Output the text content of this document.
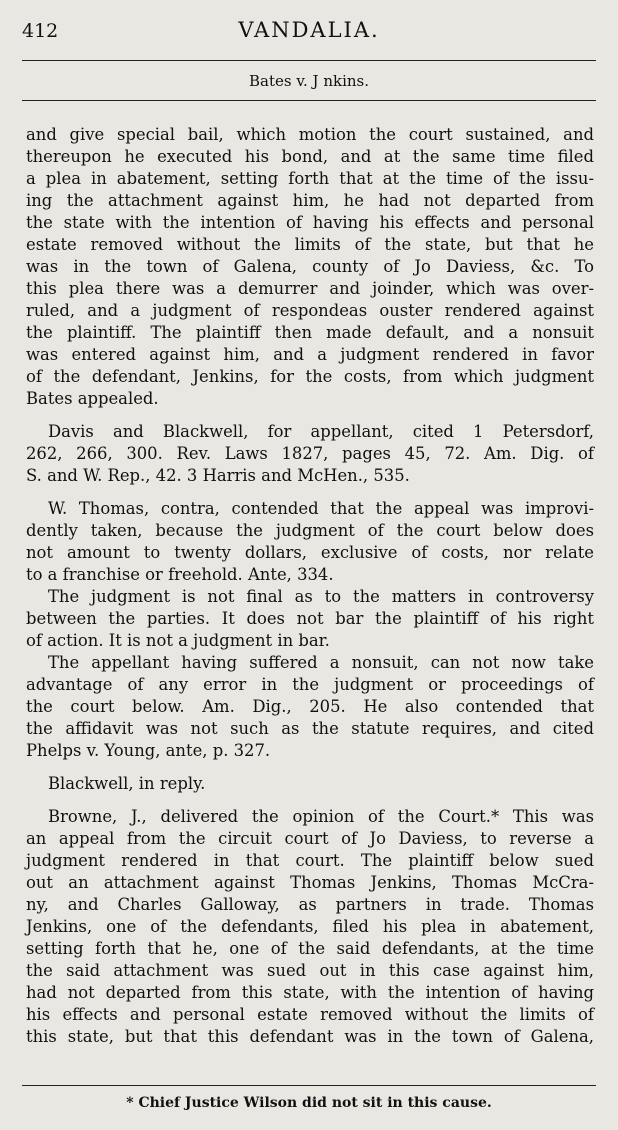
412	VANDALIA.
Bates v. J nkins.
and give special bail, which motion the court sustained, and
thereupon he executed his bond, and at the same time filed
a plea in abatement, setting forth that at the time of the issu-
ing the attachment against him, he had not departed from
the state with the intention of having his effects and personal
estate removed without the limits of the state, but that he
was in the town of Galena, county of Jo Daviess, &c. To
this plea there was a demurrer and joinder, which was over-
ruled, and a judgment of respondeas ouster rendered against
the plaintiff. The plaintiff then made default, and a nonsuit
was entered against him, and a judgment rendered in favor
of the defendant, Jenkins, for the costs, from which judgment
Bates appealed.
Davis and Blackwell, for appellant, cited 1 Petersdorf,
262, 266, 300. Rev. Laws 1827, pages 45, 72. Am. Dig. of
S. and W. Rep., 42. 3 Harris and McHen., 535.
W. Thomas, contra, contended that the appeal was improvi-
dently taken, because the judgment of the court below does
not amount to twenty dollars, exclusive of costs, nor relate
to a franchise or freehold. Ante, 334.
The judgment is not final as to the matters in controversy
between the parties. It does not bar the plaintiff of his right
of action. It is not a judgment in bar.
The appellant having suffered a nonsuit, can not now take
advantage of any error in the judgment or proceedings of
the court below. Am. Dig., 205. He also contended that
the affidavit was not such as the statute requires, and cited
Phelps v. Young, ante, p. 327.
Blackwell, in reply.
Browne, J., delivered the opinion of the Court.* This was
an appeal from the circuit court of Jo Daviess, to reverse a
judgment rendered in that court. The plaintiff below sued
out an attachment against Thomas Jenkins, Thomas McCra-
ny, and Charles Galloway, as partners in trade. Thomas
Jenkins, one of the defendants, filed his plea in abatement,
setting forth that he, one of the said defendants, at the time
the said attachment was sued out in this case against him,
had not departed from this state, with the intention of having
his effects and personal estate removed without the limits of
this state, but that this defendant was in the town of Galena,
* Chief Justice Wilson did not sit in this cause.
